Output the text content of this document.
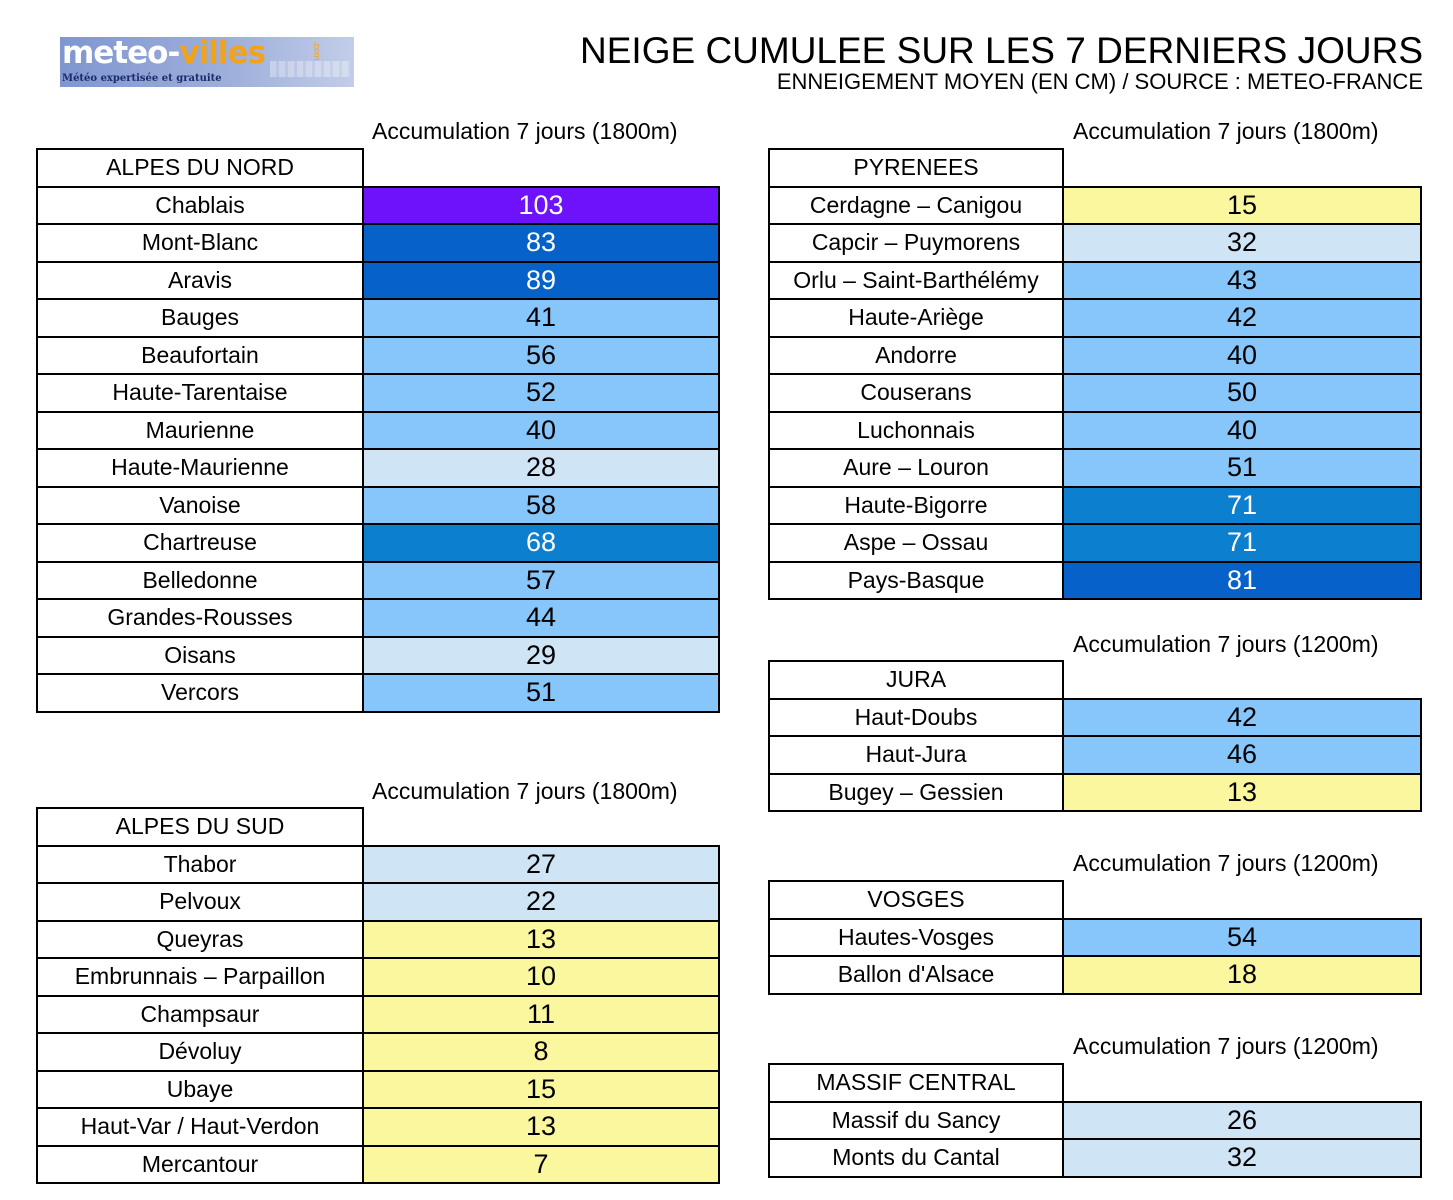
meteo-villes	.com
Météo expertisée et gratuite
NEIGE CUMULEE SUR LES 7 DERNIERS JOURS
ENNEIGEMENT MOYEN (EN CM) / SOURCE : METEO-FRANCE
Accumulation 7 jours (1800m)
ALPES DU NORD	
Chablais	103
Mont-Blanc	83
Aravis	89
Bauges	41
Beaufortain	56
Haute-Tarentaise	52
Maurienne	40
Haute-Maurienne	28
Vanoise	58
Chartreuse	68
Belledonne	57
Grandes-Rousses	44
Oisans	29
Vercors	51
Accumulation 7 jours (1800m)
ALPES DU SUD	
Thabor	27
Pelvoux	22
Queyras	13
Embrunnais – Parpaillon	10
Champsaur	11
Dévoluy	8
Ubaye	15
Haut-Var / Haut-Verdon	13
Mercantour	7
Accumulation 7 jours (1800m)
PYRENEES	
Cerdagne – Canigou	15
Capcir – Puymorens	32
Orlu – Saint-Barthélémy	43
Haute-Ariège	42
Andorre	40
Couserans	50
Luchonnais	40
Aure – Louron	51
Haute-Bigorre	71
Aspe – Ossau	71
Pays-Basque	81
Accumulation 7 jours (1200m)
JURA	
Haut-Doubs	42
Haut-Jura	46
Bugey – Gessien	13
Accumulation 7 jours (1200m)
VOSGES	
Hautes-Vosges	54
Ballon d'Alsace	18
Accumulation 7 jours (1200m)
MASSIF CENTRAL	
Massif du Sancy	26
Monts du Cantal	32
